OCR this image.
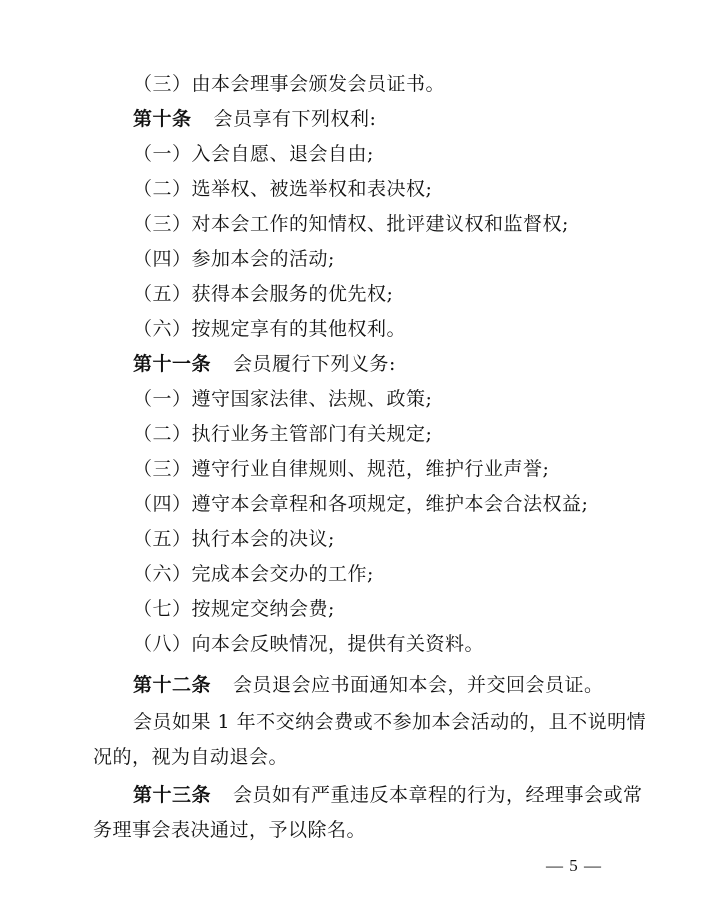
（三）由本会理事会颁发会员证书。
第十条 会员享有下列权利:
（一）入会自愿、退会自由;
（二）选举权、被选举权和表决权;
（三）对本会工作的知情权、批评建议权和监督权;
（四）参加本会的活动;
（五）获得本会服务的优先权;
（六）按规定享有的其他权利。
第十一条 会员履行下列义务:
（一）遵守国家法律、法规、政策;
（二）执行业务主管部门有关规定;
（三）遵守行业自律规则、规范，维护行业声誉;
（四）遵守本会章程和各项规定，维护本会合法权益;
（五）执行本会的决议;
（六）完成本会交办的工作;
（七）按规定交纳会费;
（八）向本会反映情况，提供有关资料。
第十二条 会员退会应书面通知本会，并交回会员证。
会员如果 1 年不交纳会费或不参加本会活动的，且不说明情
况的，视为自动退会。
第十三条 会员如有严重违反本章程的行为，经理事会或常
务理事会表决通过，予以除名。
— 5 —
